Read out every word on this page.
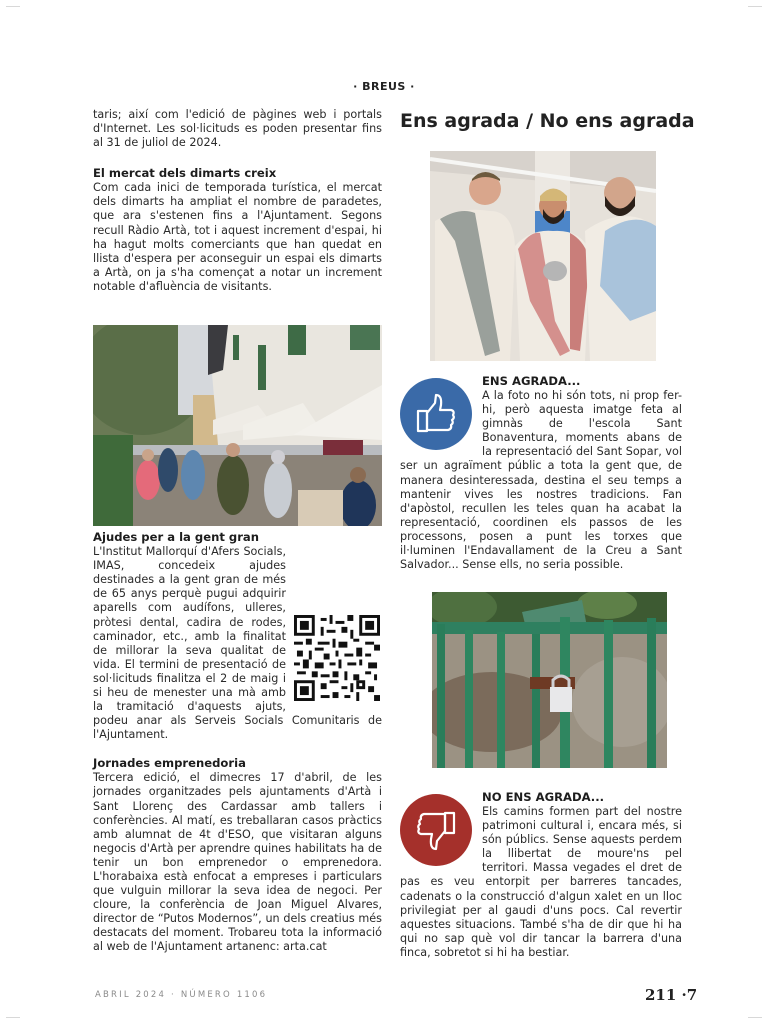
· BREUS ·

taris; així com l'edició de pàgines web i portals d'Internet. Les sol·licituds es poden presentar fins al 31 de juliol de 2024.

El mercat dels dimarts creix

Com cada inici de temporada turística, el mercat dels dimarts ha ampliat el nombre de paradetes, que ara s'estenen fins a l'Ajuntament. Segons recull Ràdio Artà, tot i aquest increment d'espai, hi ha hagut molts comerciants que han quedat en llista d'espera per aconseguir un espai els dimarts a Artà, on ja s'ha començat a notar un increment notable d'afluència de visitants.

Ajudes per a la gent gran

L'Institut Mallorquí d'Afers Socials, IMAS, concedeix ajudes destinades a la gent gran de més de 65 anys perquè pugui adquirir aparells com audífons, ulleres, pròtesi dental, cadira de rodes, caminador, etc., amb la finalitat de millorar la seva qualitat de vida. El termini de presentació de sol·licituds finalitza el 2 de maig i si heu de menester una mà amb la tramitació d'aquests ajuts, podeu anar als Serveis Socials Comunitaris de l'Ajuntament.

Jornades emprenedoria

Tercera edició, el dimecres 17 d'abril, de les jornades organitzades pels ajuntaments d'Artà i Sant Llorenç des Cardassar amb tallers i conferències. Al matí, es treballaran casos pràctics amb alumnat de 4t d'ESO, que visitaran alguns negocis d'Artà per aprendre quines habilitats ha de tenir un bon emprenedor o emprenedora. L'horabaixa està enfocat a empreses i particulars que vulguin millorar la seva idea de negoci. Per cloure, la conferència de Joan Miguel Alvares, director de “Putos Modernos”, un dels creatius més destacats del moment. Trobareu tota la informació al web de l'Ajuntament artanenc: arta.cat

Ens agrada / No ens agrada
ENS AGRADA...

A la foto no hi són tots, ni prop fer-hi, però aquesta imatge feta al gimnàs de l'escola Sant Bonaventura, moments abans de la representació del Sant Sopar, vol ser un agraïment públic a tota la gent que, de manera desinteressada, destina el seu temps a mantenir vives les nostres tradicions. Fan d'apòstol, recullen les teles quan ha acabat la representació, coordinen els passos de les processons, posen a punt les torxes que il·luminen l'Endavallament de la Creu a Sant Salvador... Sense ells, no seria possible.

NO ENS AGRADA...

Els camins formen part del nostre patrimoni cultural i, encara més, si són públics. Sense aquests perdem la llibertat de moure'ns pel territori. Massa vegades el dret de pas es veu entorpit per barreres tancades, cadenats o la construcció d'algun xalet en un lloc privilegiat per al gaudi d'uns pocs. Cal revertir aquestes situacions. També s'ha de dir que hi ha qui no sap què vol dir tancar la barrera d'una finca, sobretot si hi ha bestiar.

ABRIL 2024 · NÚMERO 1106	211 ·7
